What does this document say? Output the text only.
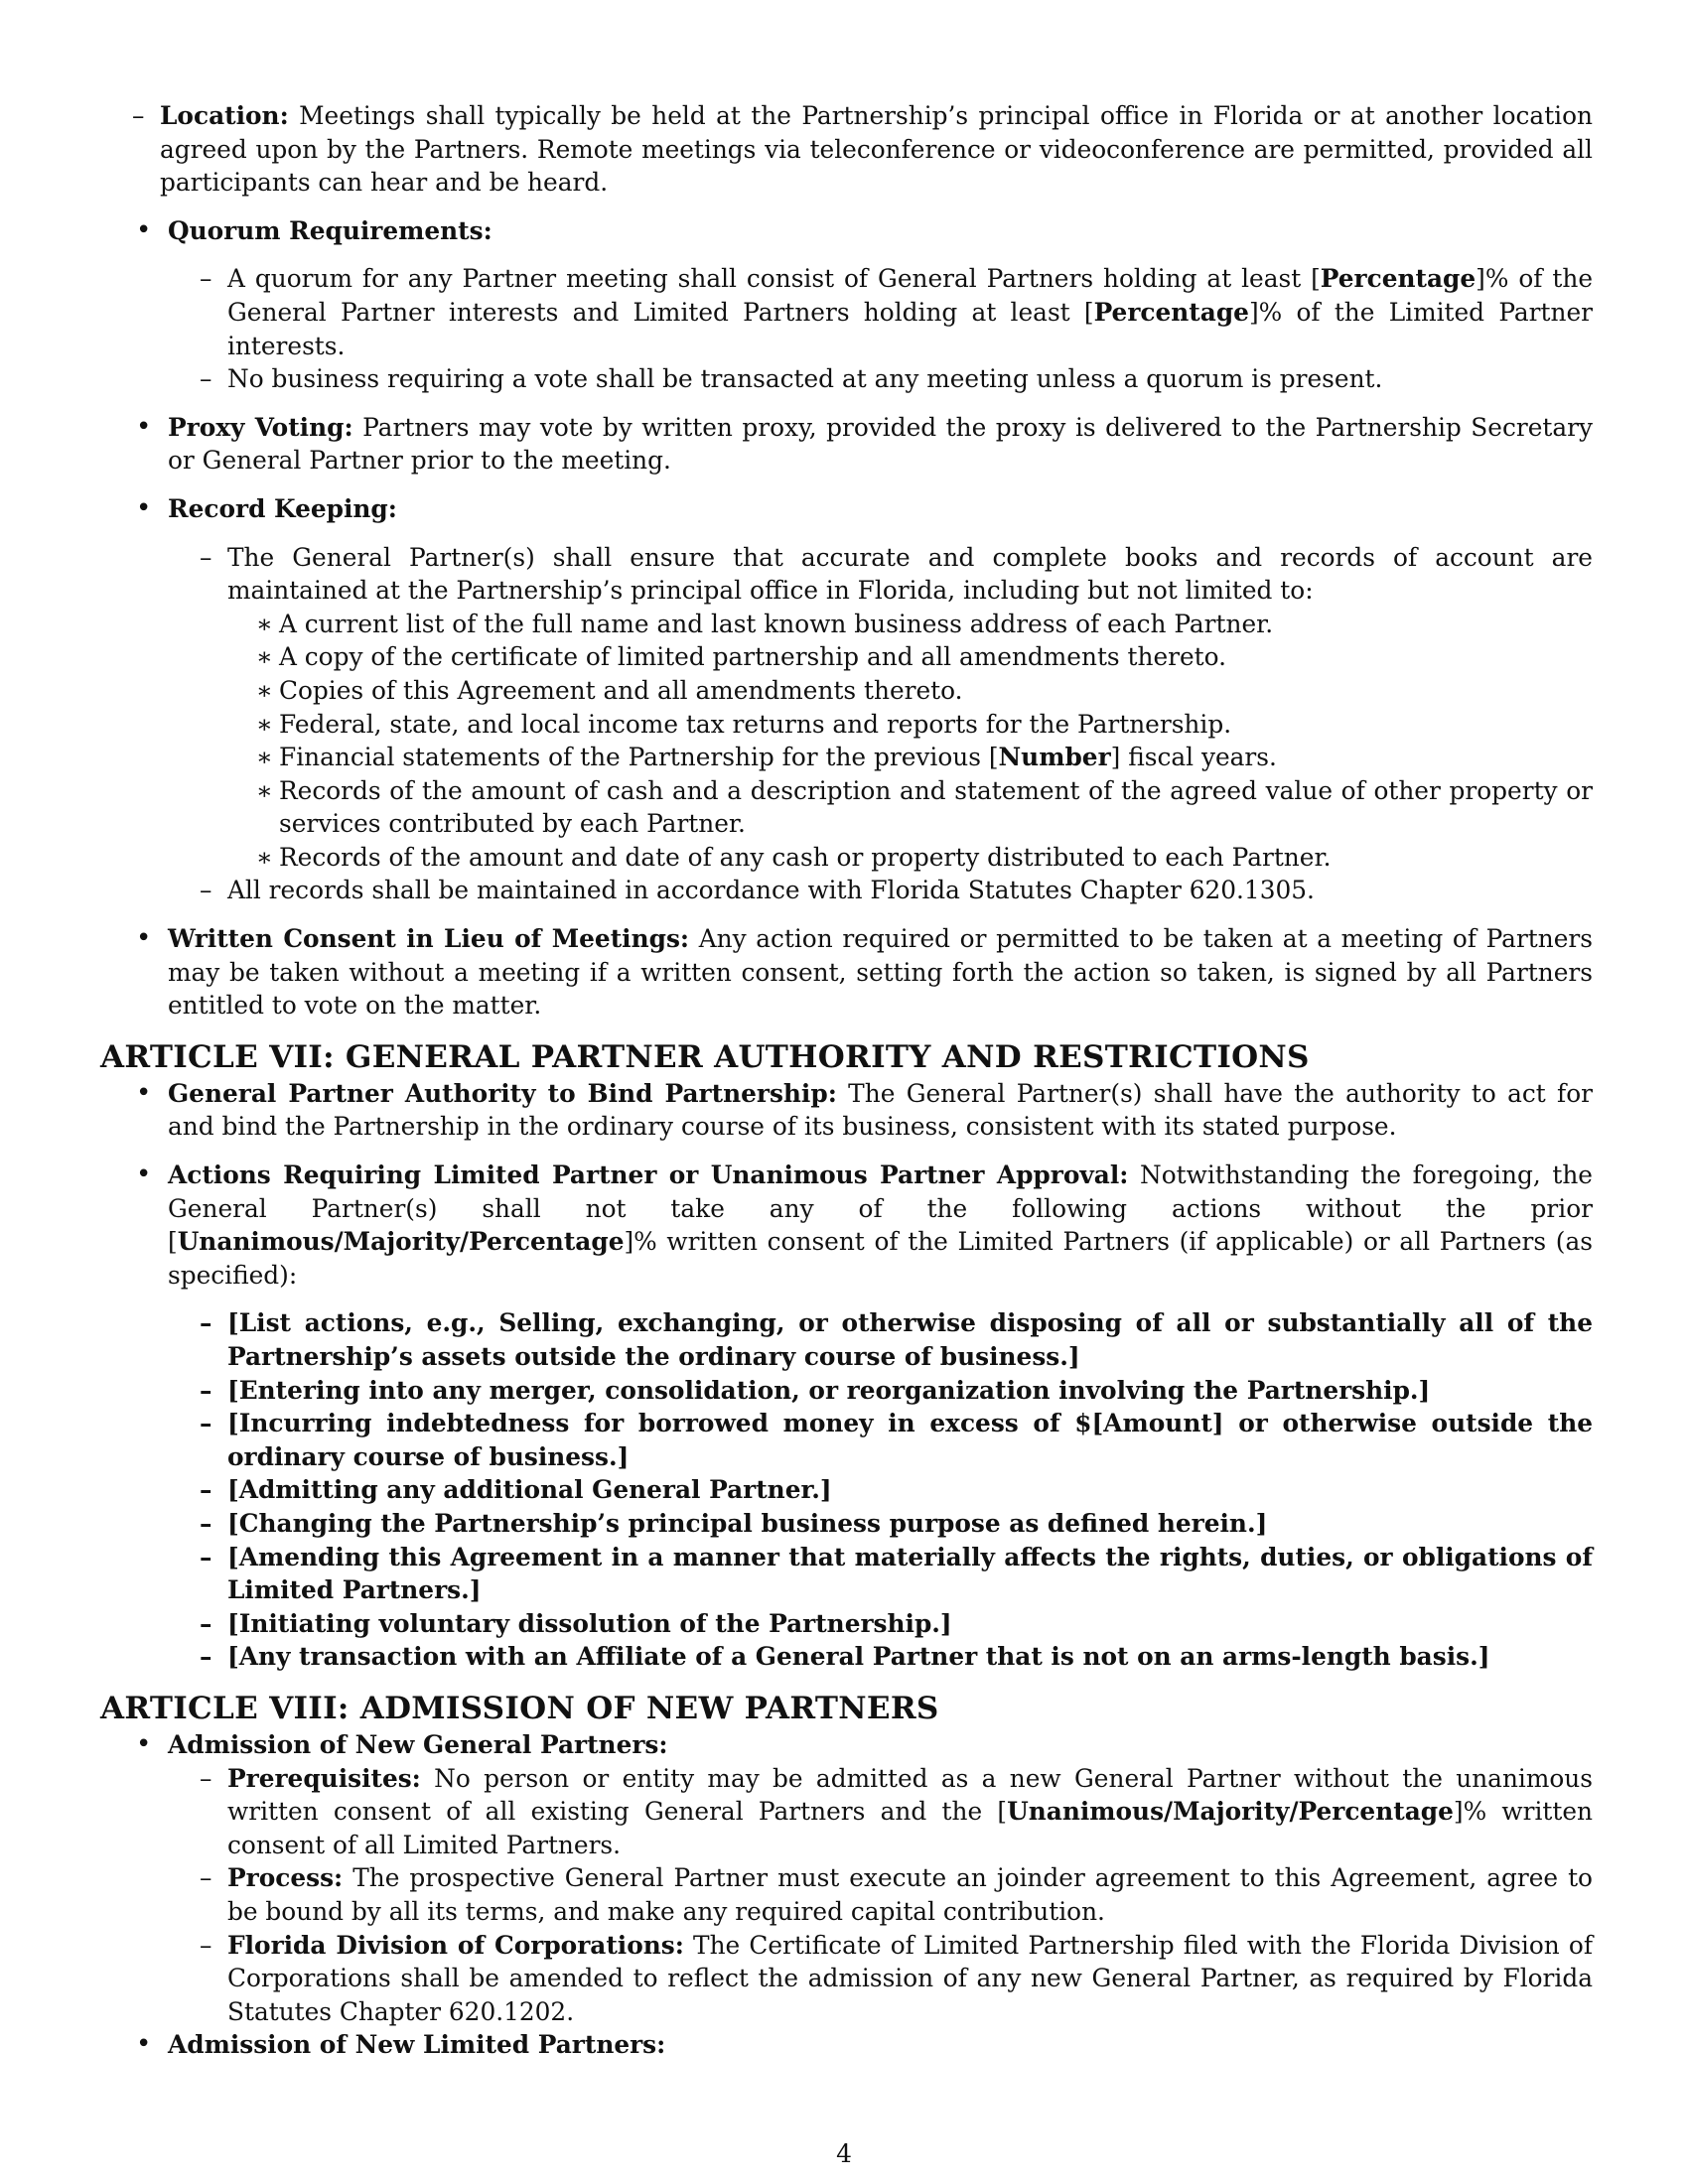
– Location: Meetings shall typically be held at the Partnership’s principal office in Florida or at another location agreed upon by the Partners. Remote meetings via teleconference or videoconference are permitted, provided all participants can hear and be heard.
• Quorum Requirements:
– A quorum for any Partner meeting shall consist of General Partners holding at least [Percentage]% of the General Partner interests and Limited Partners holding at least [Percentage]% of the Limited Partner interests.
– No business requiring a vote shall be transacted at any meeting unless a quorum is present.
• Proxy Voting: Partners may vote by written proxy, provided the proxy is delivered to the Partnership Secretary or General Partner prior to the meeting.
• Record Keeping:
– The General Partner(s) shall ensure that accurate and complete books and records of account are maintained at the Partnership’s principal office in Florida, including but not limited to:
∗ A current list of the full name and last known business address of each Partner.
∗ A copy of the certificate of limited partnership and all amendments thereto.
∗ Copies of this Agreement and all amendments thereto.
∗ Federal, state, and local income tax returns and reports for the Partnership.
∗ Financial statements of the Partnership for the previous [Number] fiscal years.
∗ Records of the amount of cash and a description and statement of the agreed value of other property or services contributed by each Partner.
∗ Records of the amount and date of any cash or property distributed to each Partner.
– All records shall be maintained in accordance with Florida Statutes Chapter 620.1305.
• Written Consent in Lieu of Meetings: Any action required or permitted to be taken at a meeting of Partners may be taken without a meeting if a written consent, setting forth the action so taken, is signed by all Partners entitled to vote on the matter.
ARTICLE VII: GENERAL PARTNER AUTHORITY AND RESTRICTIONS
• General Partner Authority to Bind Partnership: The General Partner(s) shall have the authority to act for and bind the Partnership in the ordinary course of its business, consistent with its stated purpose.
• Actions Requiring Limited Partner or Unanimous Partner Approval: Notwithstanding the foregoing, the General Partner(s) shall not take any of the following actions without the prior [Unanimous/Majority/Percentage]% written consent of the Limited Partners (if applicable) or all Partners (as specified):
– [List actions, e.g., Selling, exchanging, or otherwise disposing of all or substantially all of the Partnership’s assets outside the ordinary course of business.]
– [Entering into any merger, consolidation, or reorganization involving the Partnership.]
– [Incurring indebtedness for borrowed money in excess of $[Amount] or otherwise outside the ordinary course of business.]
– [Admitting any additional General Partner.]
– [Changing the Partnership’s principal business purpose as defined herein.]
– [Amending this Agreement in a manner that materially affects the rights, duties, or obligations of Limited Partners.]
– [Initiating voluntary dissolution of the Partnership.]
– [Any transaction with an Affiliate of a General Partner that is not on an arms-length basis.]
ARTICLE VIII: ADMISSION OF NEW PARTNERS
• Admission of New General Partners:
– Prerequisites: No person or entity may be admitted as a new General Partner without the unanimous written consent of all existing General Partners and the [Unanimous/Majority/Percentage]% written consent of all Limited Partners.
– Process: The prospective General Partner must execute an joinder agreement to this Agreement, agree to be bound by all its terms, and make any required capital contribution.
– Florida Division of Corporations: The Certificate of Limited Partnership filed with the Florida Division of Corporations shall be amended to reflect the admission of any new General Partner, as required by Florida Statutes Chapter 620.1202.
• Admission of New Limited Partners:
4
